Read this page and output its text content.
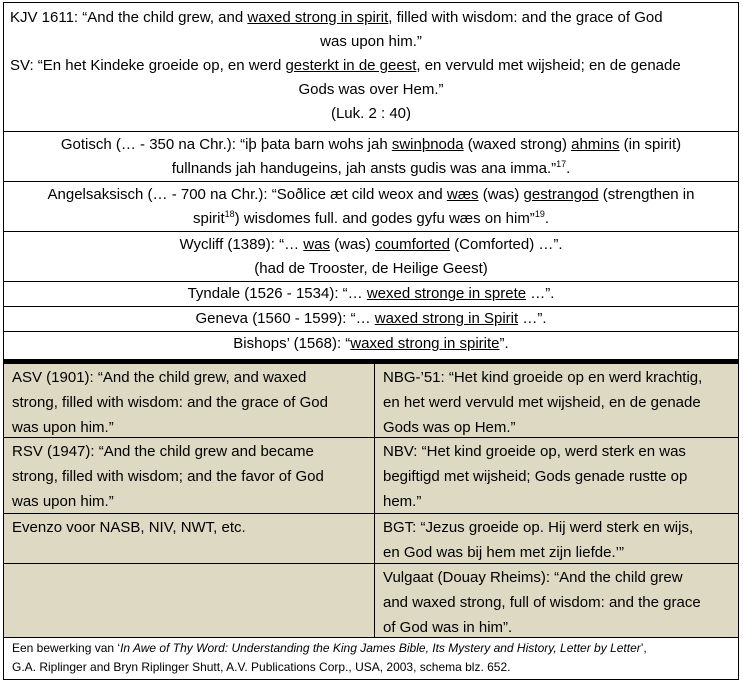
KJV 1611: “And the child grew, and waxed strong in spirit, filled with wisdom: and the grace of God
was upon him.”
SV: “En het Kindeke groeide op, en werd gesterkt in de geest, en vervuld met wijsheid; en de genade
Gods was over Hem.”
(Luk. 2 : 40)
Gotisch (… - 350 na Chr.): “iþ þata barn wohs jah swinþnoda (waxed strong) ahmins (in spirit)
fullnands jah handugeins, jah ansts gudis was ana imma.”$^{17}$.
Angelsaksisch (… - 700 na Chr.): “Soðlice æt cild weox and wæs (was) gestrangod (strengthen in
spirit$^{18}$) wisdomes full. and godes gyfu wæs on him”$^{19}$.
Wycliff (1389): “… was (was) coumforted (Comforted) …”.
(had de Trooster, de Heilige Geest)
Tyndale (1526 - 1534): “… wexed stronge in sprete …”.
Geneva (1560 - 1599): “… waxed strong in Spirit …”.
Bishops’ (1568): “waxed strong in spirite”.
ASV (1901): “And the child grew, and waxed
strong, filled with wisdom: and the grace of God
was upon him.”
NBG-’51: “Het kind groeide op en werd krachtig,
en het werd vervuld met wijsheid, en de genade
Gods was op Hem.”
RSV (1947): “And the child grew and became
strong, filled with wisdom; and the favor of God
was upon him.”
NBV: “Het kind groeide op, werd sterk en was
begiftigd met wijsheid; Gods genade rustte op
hem.”
Evenzo voor NASB, NIV, NWT, etc.	BGT: “Jezus groeide op. Hij werd sterk en wijs,
en God was bij hem met zijn liefde.’”
Vulgaat (Douay Rheims): “And the child grew
and waxed strong, full of wisdom: and the grace
of God was in him”.
Een bewerking van ‘In Awe of Thy Word: Understanding the King James Bible, Its Mystery and History, Letter by Letter’,
G.A. Riplinger and Bryn Riplinger Shutt, A.V. Publications Corp., USA, 2003, schema blz. 652.
